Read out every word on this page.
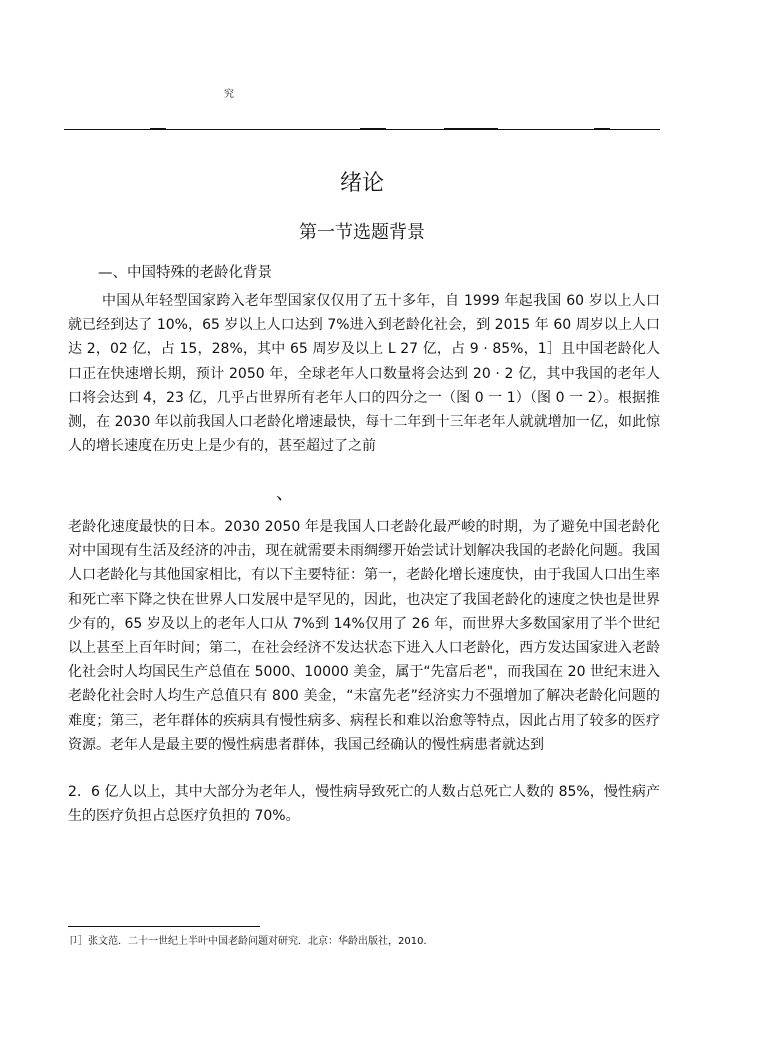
究
绪论
第一节选题背景
—、中国特殊的老龄化背景

中国从年轻型国家跨入老年型国家仅仅用了五十多年，自 1999 年起我国 60 岁以上人口就已经到达了 10%，65 岁以上人口达到 7%进入到老龄化社会，到 2015 年 60 周岁以上人口达 2，02 亿，占 15，28%，其中 65 周岁及以上 L 27 亿，占 9 · 85%，1］且中国老龄化人口正在快速增长期，预计 2050 年，全球老年人口数量将会达到 20 · 2 亿，其中我国的老年人口将会达到 4，23 亿，几乎占世界所有老年人口的四分之一（图 0 一 1）（图 0 一 2）。根据推测，在 2030 年以前我国人口老龄化增速最快，每十二年到十三年老年人就就增加一亿，如此惊人的增长速度在历史上是少有的，甚至超过了之前

、

老龄化速度最快的日本。2030 2050 年是我国人口老龄化最严峻的时期，为了避免中国老龄化对中国现有生活及经济的冲击，现在就需要未雨绸缪开始尝试计划解决我国的老龄化问题。我国人口老龄化与其他国家相比，有以下主要特征：第一，老龄化增长速度快，由于我国人口出生率和死亡率下降之快在世界人口发展中是罕见的，因此，也决定了我国老龄化的速度之快也是世界少有的，65 岁及以上的老年人口从 7%到 14%仅用了 26 年，而世界大多数国家用了半个世纪以上甚至上百年时间；第二，在社会经济不发达状态下进入人口老龄化，西方发达国家进入老龄化社会时人均国民生产总值在 5000、10000 美金，属于“先富后老"，而我国在 20 世纪末进入老龄化社会时人均生产总值只有 800 美金，“未富先老”经济实力不强增加了解决老龄化问题的难度；第三，老年群体的疾病具有慢性病多、病程长和难以治愈等特点，因此占用了较多的医疗资源。老年人是最主要的慢性病患者群体，我国己经确认的慢性病患者就达到

2．6 亿人以上，其中大部分为老年人，慢性病导致死亡的人数占总死亡人数的 85%，慢性病产生的医疗负担占总医疗负担的 70%。

卩］张文范．二十一世纪上半叶中国老龄问题对研究．北京：华龄出版社，2010．
